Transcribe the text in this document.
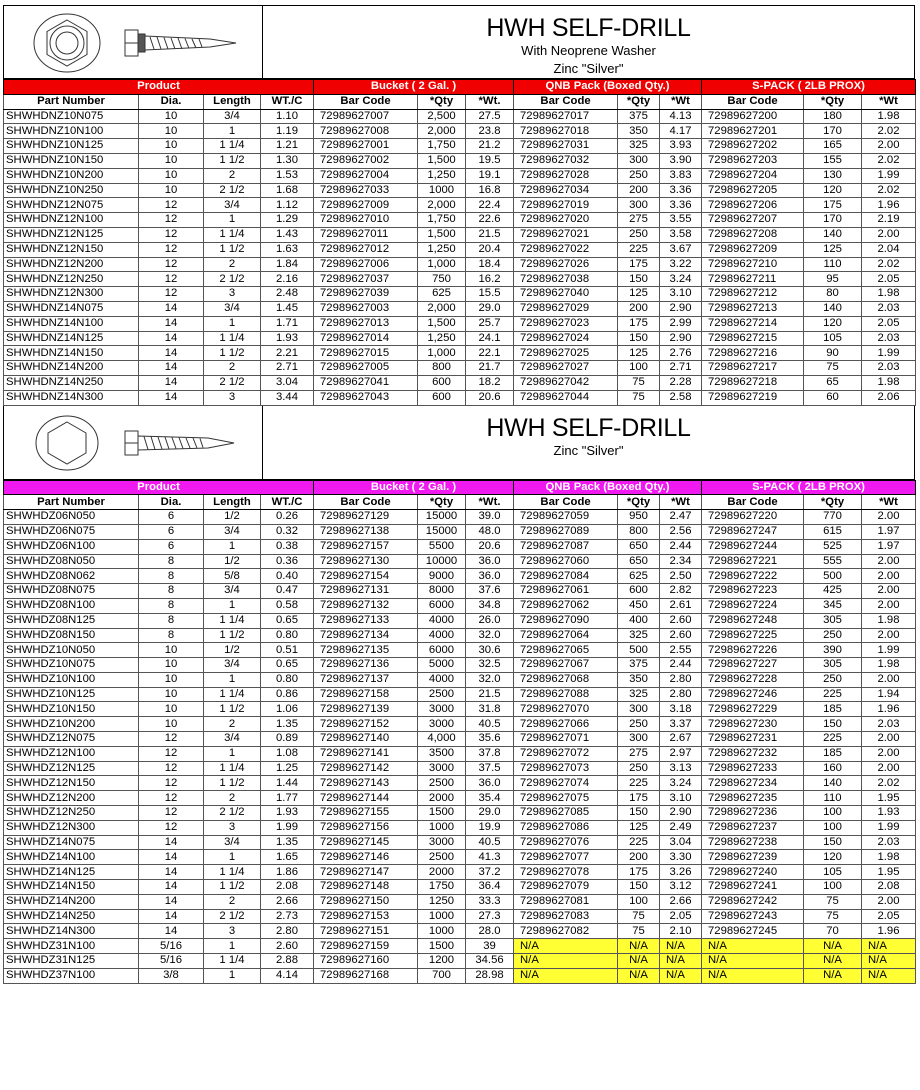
HWH SELF-DRILL
With Neoprene Washer
Zinc "Silver"
Product				Bucket ( 2 Gal. )			QNB Pack (Boxed Qty.)			S-PACK ( 2LB PROX)		
Part Number	Dia.	Length	WT./C	Bar Code	*Qty	*Wt.	Bar Code	*Qty	*Wt	Bar Code	*Qty	*Wt
SHWHDNZ10N075	10	3/4	1.10	72989627007	2,500	27.5	72989627017	375	4.13	72989627200	180	1.98
SHWHDNZ10N100	10	1	1.19	72989627008	2,000	23.8	72989627018	350	4.17	72989627201	170	2.02
SHWHDNZ10N125	10	1 1/4	1.21	72989627001	1,750	21.2	72989627031	325	3.93	72989627202	165	2.00
SHWHDNZ10N150	10	1 1/2	1.30	72989627002	1,500	19.5	72989627032	300	3.90	72989627203	155	2.02
SHWHDNZ10N200	10	2	1.53	72989627004	1,250	19.1	72989627028	250	3.83	72989627204	130	1.99
SHWHDNZ10N250	10	2 1/2	1.68	72989627033	1000	16.8	72989627034	200	3.36	72989627205	120	2.02
SHWHDNZ12N075	12	3/4	1.12	72989627009	2,000	22.4	72989627019	300	3.36	72989627206	175	1.96
SHWHDNZ12N100	12	1	1.29	72989627010	1,750	22.6	72989627020	275	3.55	72989627207	170	2.19
SHWHDNZ12N125	12	1 1/4	1.43	72989627011	1,500	21.5	72989627021	250	3.58	72989627208	140	2.00
SHWHDNZ12N150	12	1 1/2	1.63	72989627012	1,250	20.4	72989627022	225	3.67	72989627209	125	2.04
SHWHDNZ12N200	12	2	1.84	72989627006	1,000	18.4	72989627026	175	3.22	72989627210	110	2.02
SHWHDNZ12N250	12	2 1/2	2.16	72989627037	750	16.2	72989627038	150	3.24	72989627211	95	2.05
SHWHDNZ12N300	12	3	2.48	72989627039	625	15.5	72989627040	125	3.10	72989627212	80	1.98
SHWHDNZ14N075	14	3/4	1.45	72989627003	2,000	29.0	72989627029	200	2.90	72989627213	140	2.03
SHWHDNZ14N100	14	1	1.71	72989627013	1,500	25.7	72989627023	175	2.99	72989627214	120	2.05
SHWHDNZ14N125	14	1 1/4	1.93	72989627014	1,250	24.1	72989627024	150	2.90	72989627215	105	2.03
SHWHDNZ14N150	14	1 1/2	2.21	72989627015	1,000	22.1	72989627025	125	2.76	72989627216	90	1.99
SHWHDNZ14N200	14	2	2.71	72989627005	800	21.7	72989627027	100	2.71	72989627217	75	2.03
SHWHDNZ14N250	14	2 1/2	3.04	72989627041	600	18.2	72989627042	75	2.28	72989627218	65	1.98
SHWHDNZ14N300	14	3	3.44	72989627043	600	20.6	72989627044	75	2.58	72989627219	60	2.06
HWH SELF-DRILL
Zinc "Silver"
Product				Bucket ( 2 Gal. )			QNB Pack (Boxed Qty.)			S-PACK ( 2LB PROX)		
Part Number	Dia.	Length	WT./C	Bar Code	*Qty	*Wt.	Bar Code	*Qty	*Wt	Bar Code	*Qty	*Wt
SHWHDZ06N050	6	1/2	0.26	72989627129	15000	39.0	72989627059	950	2.47	72989627220	770	2.00
SHWHDZ06N075	6	3/4	0.32	72989627138	15000	48.0	72989627089	800	2.56	72989627247	615	1.97
SHWHDZ06N100	6	1	0.38	72989627157	5500	20.6	72989627087	650	2.44	72989627244	525	1.97
SHWHDZ08N050	8	1/2	0.36	72989627130	10000	36.0	72989627060	650	2.34	72989627221	555	2.00
SHWHDZ08N062	8	5/8	0.40	72989627154	9000	36.0	72989627084	625	2.50	72989627222	500	2.00
SHWHDZ08N075	8	3/4	0.47	72989627131	8000	37.6	72989627061	600	2.82	72989627223	425	2.00
SHWHDZ08N100	8	1	0.58	72989627132	6000	34.8	72989627062	450	2.61	72989627224	345	2.00
SHWHDZ08N125	8	1 1/4	0.65	72989627133	4000	26.0	72989627090	400	2.60	72989627248	305	1.98
SHWHDZ08N150	8	1 1/2	0.80	72989627134	4000	32.0	72989627064	325	2.60	72989627225	250	2.00
SHWHDZ10N050	10	1/2	0.51	72989627135	6000	30.6	72989627065	500	2.55	72989627226	390	1.99
SHWHDZ10N075	10	3/4	0.65	72989627136	5000	32.5	72989627067	375	2.44	72989627227	305	1.98
SHWHDZ10N100	10	1	0.80	72989627137	4000	32.0	72989627068	350	2.80	72989627228	250	2.00
SHWHDZ10N125	10	1 1/4	0.86	72989627158	2500	21.5	72989627088	325	2.80	72989627246	225	1.94
SHWHDZ10N150	10	1 1/2	1.06	72989627139	3000	31.8	72989627070	300	3.18	72989627229	185	1.96
SHWHDZ10N200	10	2	1.35	72989627152	3000	40.5	72989627066	250	3.37	72989627230	150	2.03
SHWHDZ12N075	12	3/4	0.89	72989627140	4,000	35.6	72989627071	300	2.67	72989627231	225	2.00
SHWHDZ12N100	12	1	1.08	72989627141	3500	37.8	72989627072	275	2.97	72989627232	185	2.00
SHWHDZ12N125	12	1 1/4	1.25	72989627142	3000	37.5	72989627073	250	3.13	72989627233	160	2.00
SHWHDZ12N150	12	1 1/2	1.44	72989627143	2500	36.0	72989627074	225	3.24	72989627234	140	2.02
SHWHDZ12N200	12	2	1.77	72989627144	2000	35.4	72989627075	175	3.10	72989627235	110	1.95
SHWHDZ12N250	12	2 1/2	1.93	72989627155	1500	29.0	72989627085	150	2.90	72989627236	100	1.93
SHWHDZ12N300	12	3	1.99	72989627156	1000	19.9	72989627086	125	2.49	72989627237	100	1.99
SHWHDZ14N075	14	3/4	1.35	72989627145	3000	40.5	72989627076	225	3.04	72989627238	150	2.03
SHWHDZ14N100	14	1	1.65	72989627146	2500	41.3	72989627077	200	3.30	72989627239	120	1.98
SHWHDZ14N125	14	1 1/4	1.86	72989627147	2000	37.2	72989627078	175	3.26	72989627240	105	1.95
SHWHDZ14N150	14	1 1/2	2.08	72989627148	1750	36.4	72989627079	150	3.12	72989627241	100	2.08
SHWHDZ14N200	14	2	2.66	72989627150	1250	33.3	72989627081	100	2.66	72989627242	75	2.00
SHWHDZ14N250	14	2 1/2	2.73	72989627153	1000	27.3	72989627083	75	2.05	72989627243	75	2.05
SHWHDZ14N300	14	3	2.80	72989627151	1000	28.0	72989627082	75	2.10	72989627245	70	1.96
SHWHDZ31N100	5/16	1	2.60	72989627159	1500	39	N/A	N/A	N/A	N/A	N/A	N/A
SHWHDZ31N125	5/16	1 1/4	2.88	72989627160	1200	34.56	N/A	N/A	N/A	N/A	N/A	N/A
SHWHDZ37N100	3/8	1	4.14	72989627168	700	28.98	N/A	N/A	N/A	N/A	N/A	N/A
